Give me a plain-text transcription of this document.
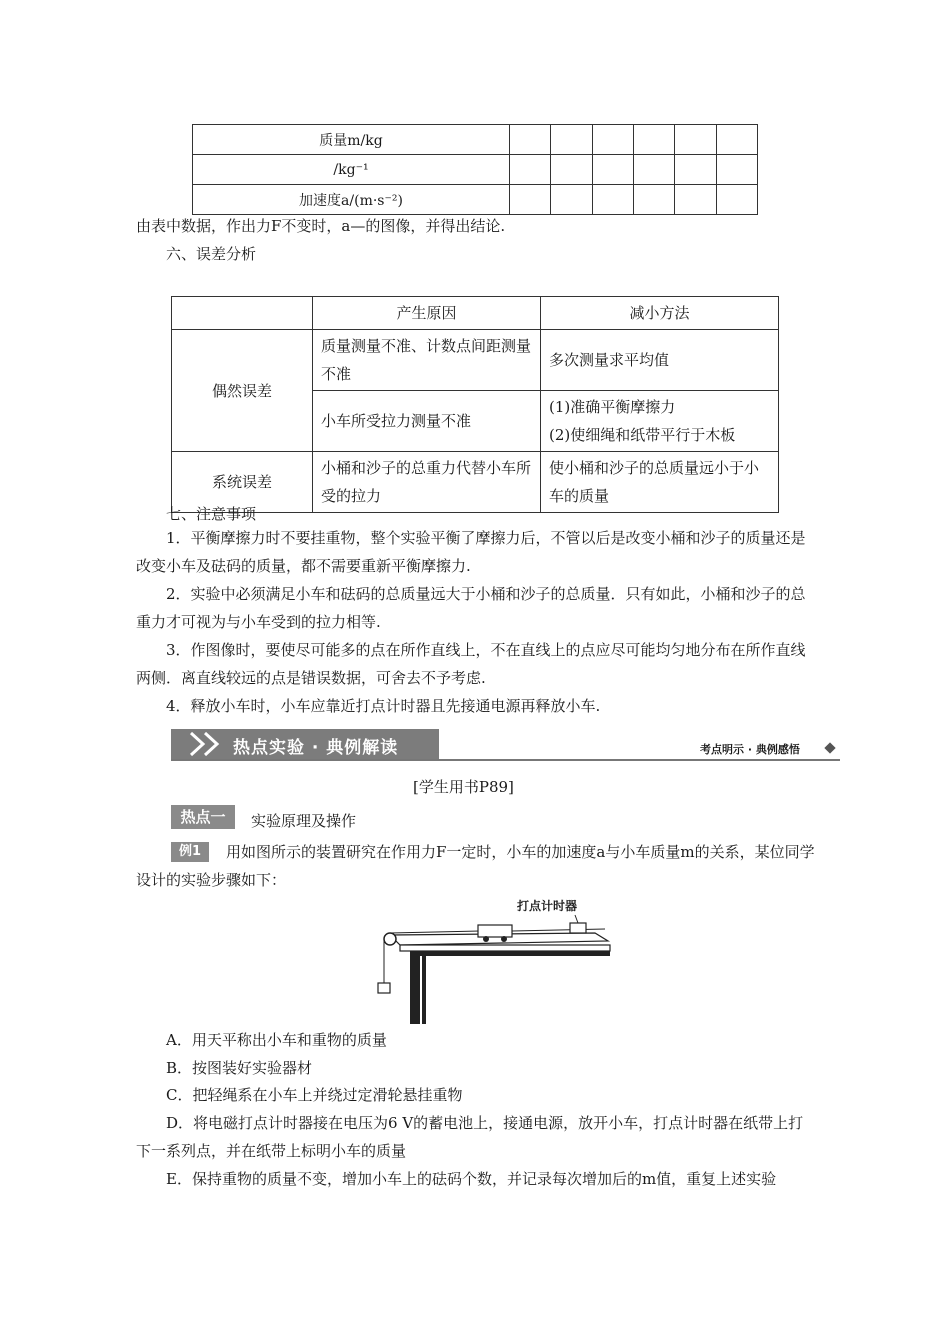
质量m/kg						
/kg⁻¹						
加速度a/(m·s⁻²)						
由表中数据，作出力F不变时，a—的图像，并得出结论.
六、误差分析
	产生原因	减小方法
偶然误差	质量测量不准、计数点间距测量不准	多次测量求平均值
	小车所受拉力测量不准	(1)准确平衡摩擦力
(2)使细绳和纸带平行于木板

系统误差	小桶和沙子的总重力代替小车所受的拉力	使小桶和沙子的总质量远小于小车的质量
七、注意事项
1．平衡摩擦力时不要挂重物，整个实验平衡了摩擦力后，不管以后是改变小桶和沙子的质量还是改变小车及砝码的质量，都不需要重新平衡摩擦力.
2．实验中必须满足小车和砝码的总质量远大于小桶和沙子的总质量．只有如此，小桶和沙子的总重力才可视为与小车受到的拉力相等.
3．作图像时，要使尽可能多的点在所作直线上，不在直线上的点应尽可能均匀地分布在所作直线两侧．离直线较远的点是错误数据，可舍去不予考虑.
4．释放小车时，小车应靠近打点计时器且先接通电源再释放小车.
热点实验 · 典例解读	考点明示 · 典例感悟
[学生用书P89]
热点一	实验原理及操作
例1	用如图所示的装置研究在作用力F一定时，小车的加速度a与小车质量m的关系，某位同学设计的实验步骤如下：
打点计时器
A．用天平称出小车和重物的质量
B．按图装好实验器材
C．把轻绳系在小车上并绕过定滑轮悬挂重物
D．将电磁打点计时器接在电压为6 V的蓄电池上，接通电源，放开小车，打点计时器在纸带上打下一系列点，并在纸带上标明小车的质量
E．保持重物的质量不变，增加小车上的砝码个数，并记录每次增加后的m值，重复上述实验
